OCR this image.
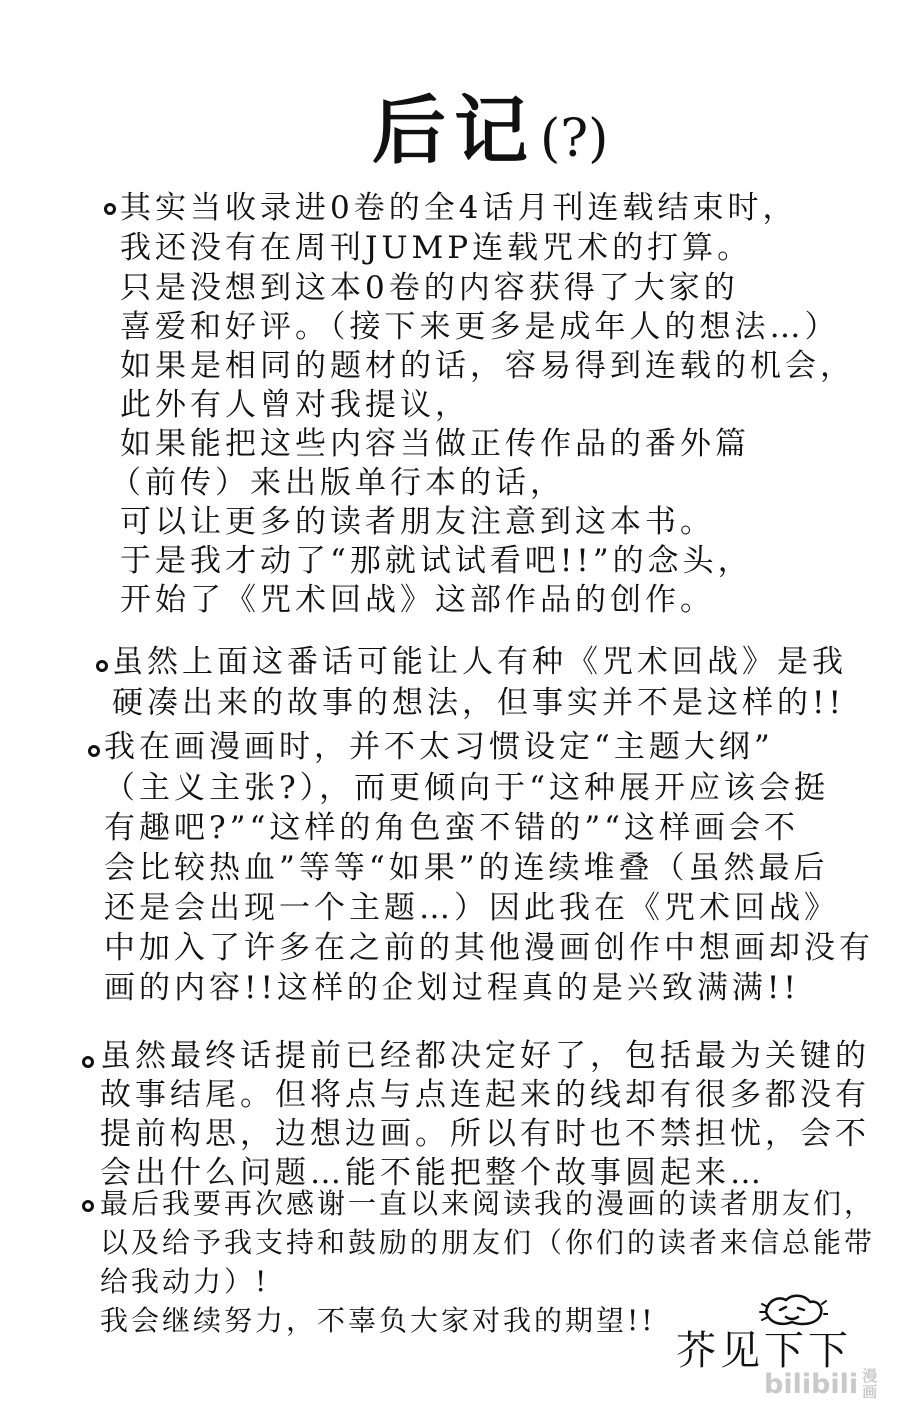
后记(?)
其实当收录进0卷的全4话月刊连载结束时，
我还没有在周刊JUMP连载咒术的打算。
只是没想到这本0卷的内容获得了大家的
喜爱和好评。（接下来更多是成年人的想法…）
如果是相同的题材的话，容易得到连载的机会，
此外有人曾对我提议，
如果能把这些内容当做正传作品的番外篇
（前传）来出版单行本的话，
可以让更多的读者朋友注意到这本书。
于是我才动了“那就试试看吧!!”的念头，
开始了《咒术回战》这部作品的创作。
虽然上面这番话可能让人有种《咒术回战》是我
硬凑出来的故事的想法，但事实并不是这样的!!
我在画漫画时，并不太习惯设定“主题大纲”
（主义主张?），而更倾向于“这种展开应该会挺
有趣吧?”“这样的角色蛮不错的”“这样画会不
会比较热血”等等“如果”的连续堆叠（虽然最后
还是会出现一个主题…）因此我在《咒术回战》
中加入了许多在之前的其他漫画创作中想画却没有
画的内容!!这样的企划过程真的是兴致满满!!
虽然最终话提前已经都决定好了，包括最为关键的
故事结尾。但将点与点连起来的线却有很多都没有
提前构思，边想边画。所以有时也不禁担忧，会不
会出什么问题…能不能把整个故事圆起来…
最后我要再次感谢一直以来阅读我的漫画的读者朋友们，
以及给予我支持和鼓励的朋友们（你们的读者来信总能带
给我动力）!
我会继续努力，不辜负大家对我的期望!!
芥见下下
bilibili 漫画
